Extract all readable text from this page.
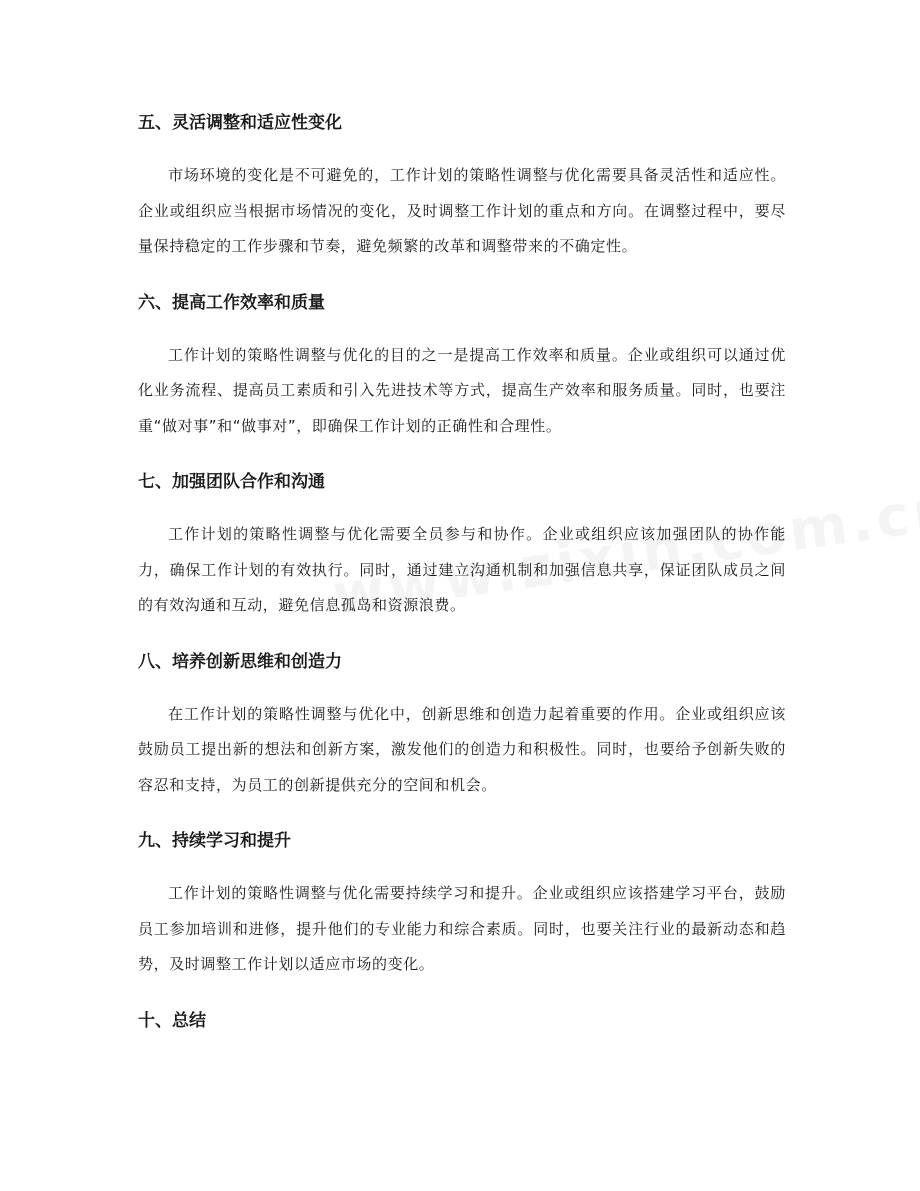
五、灵活调整和适应性变化

市场环境的变化是不可避免的，工作计划的策略性调整与优化需要具备灵活性和适应性。企业或组织应当根据市场情况的变化，及时调整工作计划的重点和方向。在调整过程中，要尽量保持稳定的工作步骤和节奏，避免频繁的改革和调整带来的不确定性。

六、提高工作效率和质量

工作计划的策略性调整与优化的目的之一是提高工作效率和质量。企业或组织可以通过优化业务流程、提高员工素质和引入先进技术等方式，提高生产效率和服务质量。同时，也要注重“做对事”和“做事对”，即确保工作计划的正确性和合理性。

七、加强团队合作和沟通

工作计划的策略性调整与优化需要全员参与和协作。企业或组织应该加强团队的协作能力，确保工作计划的有效执行。同时，通过建立沟通机制和加强信息共享，保证团队成员之间的有效沟通和互动，避免信息孤岛和资源浪费。

八、培养创新思维和创造力

在工作计划的策略性调整与优化中，创新思维和创造力起着重要的作用。企业或组织应该鼓励员工提出新的想法和创新方案，激发他们的创造力和积极性。同时，也要给予创新失败的容忍和支持，为员工的创新提供充分的空间和机会。

九、持续学习和提升

工作计划的策略性调整与优化需要持续学习和提升。企业或组织应该搭建学习平台，鼓励员工参加培训和进修，提升他们的专业能力和综合素质。同时，也要关注行业的最新动态和趋势，及时调整工作计划以适应市场的变化。

十、总结
